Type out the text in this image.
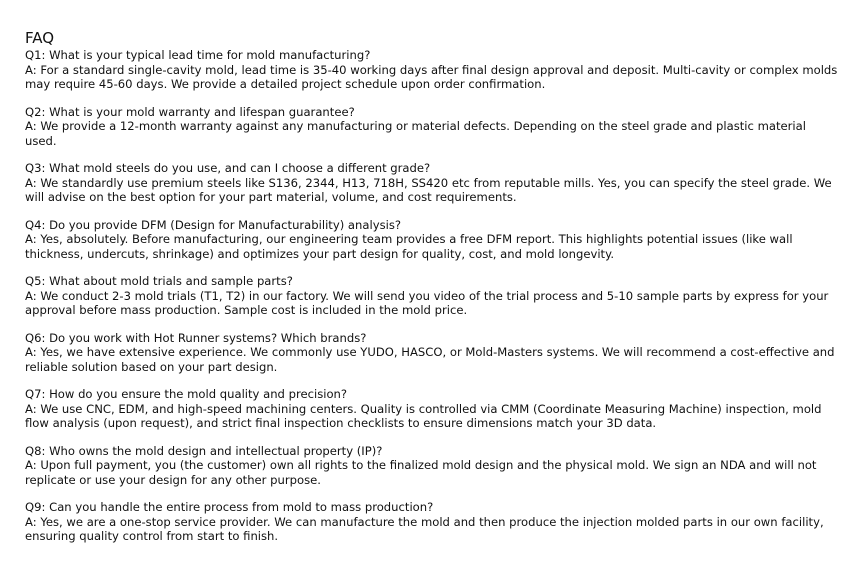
FAQ

Q1: What is your typical lead time for mold manufacturing?

A: For a standard single-cavity mold, lead time is 35-40 working days after final design approval and deposit. Multi-cavity or complex molds may require 45-60 days. We provide a detailed project schedule upon order confirmation.

Q2: What is your mold warranty and lifespan guarantee?

A: We provide a 12-month warranty against any manufacturing or material defects. Depending on the steel grade and plastic material used.

Q3: What mold steels do you use, and can I choose a different grade?

A: We standardly use premium steels like S136, 2344, H13, 718H, SS420 etc from reputable mills. Yes, you can specify the steel grade. We will advise on the best option for your part material, volume, and cost requirements.

Q4: Do you provide DFM (Design for Manufacturability) analysis?

A: Yes, absolutely. Before manufacturing, our engineering team provides a free DFM report. This highlights potential issues (like wall thickness, undercuts, shrinkage) and optimizes your part design for quality, cost, and mold longevity.

Q5: What about mold trials and sample parts?

A: We conduct 2-3 mold trials (T1, T2) in our factory. We will send you video of the trial process and 5-10 sample parts by express for your approval before mass production. Sample cost is included in the mold price.

Q6: Do you work with Hot Runner systems? Which brands?

A: Yes, we have extensive experience. We commonly use YUDO, HASCO, or Mold-Masters systems. We will recommend a cost-effective and reliable solution based on your part design.

Q7: How do you ensure the mold quality and precision?

A: We use CNC, EDM, and high-speed machining centers. Quality is controlled via CMM (Coordinate Measuring Machine) inspection, mold flow analysis (upon request), and strict final inspection checklists to ensure dimensions match your 3D data.

Q8: Who owns the mold design and intellectual property (IP)?

A: Upon full payment, you (the customer) own all rights to the finalized mold design and the physical mold. We sign an NDA and will not replicate or use your design for any other purpose.

Q9: Can you handle the entire process from mold to mass production?

A: Yes, we are a one-stop service provider. We can manufacture the mold and then produce the injection molded parts in our own facility, ensuring quality control from start to finish.
